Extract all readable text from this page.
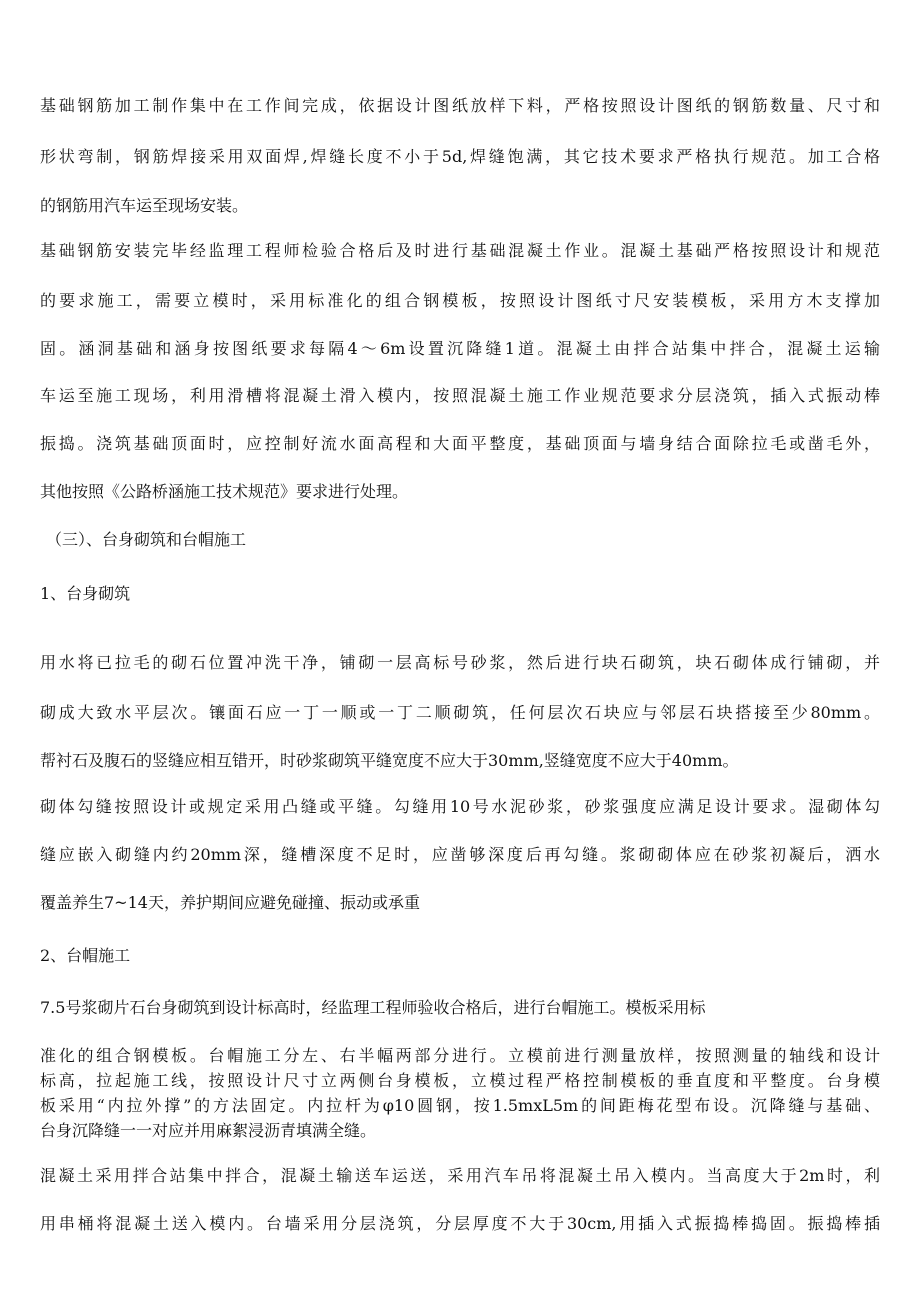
基础钢筋加工制作集中在工作间完成，依据设计图纸放样下料，严格按照设计图纸的钢筋数量、尺寸和
形状弯制，钢筋焊接采用双面焊,焊缝长度不小于5d,焊缝饱满，其它技术要求严格执行规范。加工合格
的钢筋用汽车运至现场安装。
基础钢筋安装完毕经监理工程师检验合格后及时进行基础混凝土作业。混凝土基础严格按照设计和规范
的要求施工，需要立模时，采用标准化的组合钢模板，按照设计图纸寸尺安装模板，采用方木支撑加
固。涵洞基础和涵身按图纸要求每隔4～6m设置沉降缝1道。混凝土由拌合站集中拌合，混凝土运输
车运至施工现场，利用滑槽将混凝土滑入模内，按照混凝土施工作业规范要求分层浇筑，插入式振动棒
振捣。浇筑基础顶面时，应控制好流水面高程和大面平整度，基础顶面与墙身结合面除拉毛或凿毛外，
其他按照《公路桥涵施工技术规范》要求进行处理。
（三）、台身砌筑和台帽施工
1、台身砌筑
用水将已拉毛的砌石位置冲洗干净，铺砌一层高标号砂浆，然后进行块石砌筑，块石砌体成行铺砌，并
砌成大致水平层次。镶面石应一丁一顺或一丁二顺砌筑，任何层次石块应与邻层石块搭接至少80mm。
帮衬石及腹石的竖缝应相互错开，时砂浆砌筑平缝宽度不应大于30mm,竖缝宽度不应大于40mm。
砌体勾缝按照设计或规定采用凸缝或平缝。勾缝用10号水泥砂浆，砂浆强度应满足设计要求。湿砌体勾
缝应嵌入砌缝内约20mm深，缝槽深度不足时，应凿够深度后再勾缝。浆砌砌体应在砂浆初凝后，洒水
覆盖养生7~14天，养护期间应避免碰撞、振动或承重
2、台帽施工
7.5号浆砌片石台身砌筑到设计标高时，经监理工程师验收合格后，进行台帽施工。模板采用标
准化的组合钢模板。台帽施工分左、右半幅两部分进行。立模前进行测量放样，按照测量的轴线和设计
标高，拉起施工线，按照设计尺寸立两侧台身模板，立模过程严格控制模板的垂直度和平整度。台身模
板采用“内拉外撑”的方法固定。内拉杆为φ10圆钢，按1.5mxL5m的间距梅花型布设。沉降缝与基础、
台身沉降缝一一对应并用麻絮浸沥青填满全缝。
混凝土采用拌合站集中拌合，混凝土输送车运送，采用汽车吊将混凝土吊入模内。当高度大于2m时，利
用串桶将混凝土送入模内。台墙采用分层浇筑，分层厚度不大于30cm,用插入式振捣棒捣固。振捣棒插
